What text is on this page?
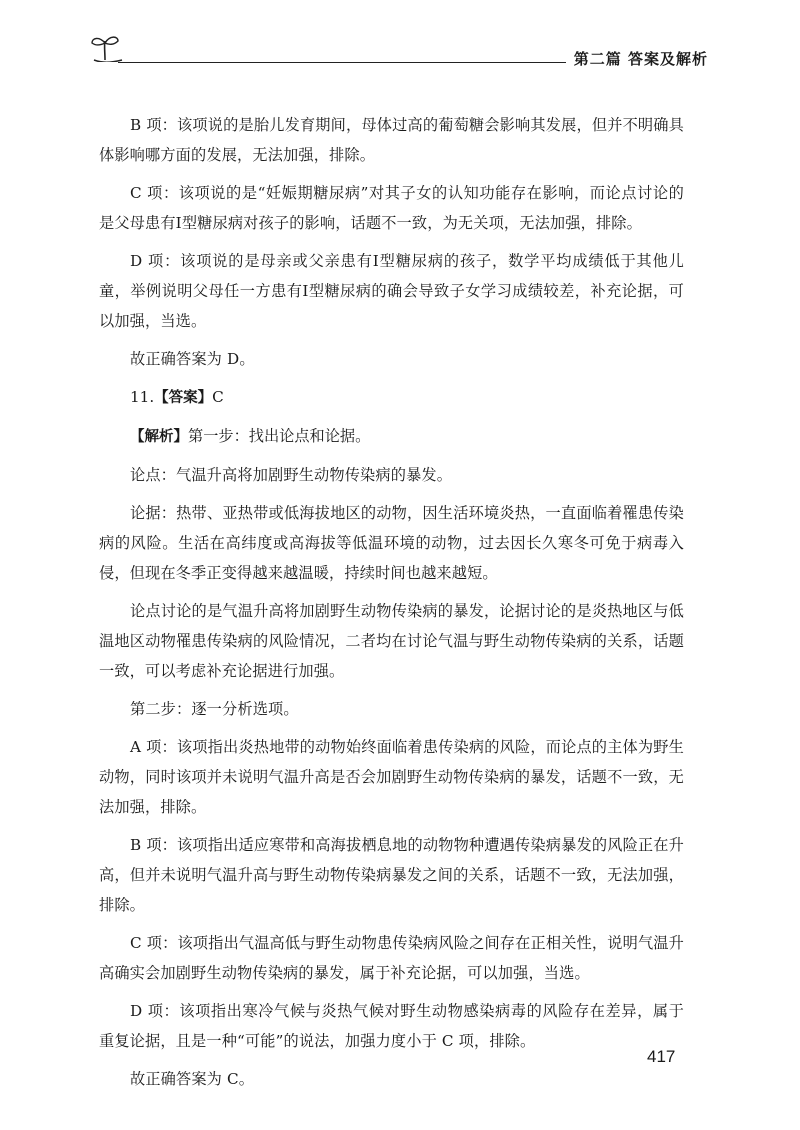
第二篇 答案及解析

B 项：该项说的是胎儿发育期间，母体过高的葡萄糖会影响其发展，但并不明确具体影响哪方面的发展，无法加强，排除。

C 项：该项说的是“妊娠期糖尿病”对其子女的认知功能存在影响，而论点讨论的是父母患有Ⅰ型糖尿病对孩子的影响，话题不一致，为无关项，无法加强，排除。

D 项：该项说的是母亲或父亲患有Ⅰ型糖尿病的孩子，数学平均成绩低于其他儿童，举例说明父母任一方患有Ⅰ型糖尿病的确会导致子女学习成绩较差，补充论据，可以加强，当选。

故正确答案为 D。

11.【答案】C

【解析】第一步：找出论点和论据。

论点：气温升高将加剧野生动物传染病的暴发。

论据：热带、亚热带或低海拔地区的动物，因生活环境炎热，一直面临着罹患传染病的风险。生活在高纬度或高海拔等低温环境的动物，过去因长久寒冬可免于病毒入侵，但现在冬季正变得越来越温暖，持续时间也越来越短。

论点讨论的是气温升高将加剧野生动物传染病的暴发，论据讨论的是炎热地区与低温地区动物罹患传染病的风险情况，二者均在讨论气温与野生动物传染病的关系，话题一致，可以考虑补充论据进行加强。

第二步：逐一分析选项。

A 项：该项指出炎热地带的动物始终面临着患传染病的风险，而论点的主体为野生动物，同时该项并未说明气温升高是否会加剧野生动物传染病的暴发，话题不一致，无法加强，排除。

B 项：该项指出适应寒带和高海拔栖息地的动物物种遭遇传染病暴发的风险正在升高，但并未说明气温升高与野生动物传染病暴发之间的关系，话题不一致，无法加强，排除。

C 项：该项指出气温高低与野生动物患传染病风险之间存在正相关性，说明气温升高确实会加剧野生动物传染病的暴发，属于补充论据，可以加强，当选。

D 项：该项指出寒冷气候与炎热气候对野生动物感染病毒的风险存在差异，属于重复论据，且是一种“可能”的说法，加强力度小于 C 项，排除。

故正确答案为 C。

417
